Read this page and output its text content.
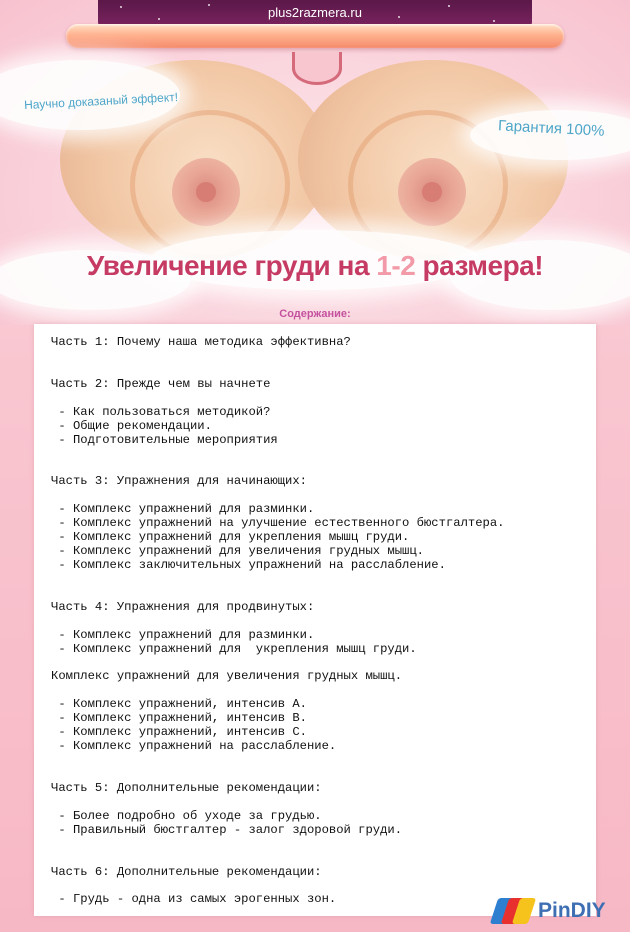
plus2razmera.ru
Научно доказаный эффект!
Гарантия 100%
Увеличение груди на 1-2 размера!
Содержание:
Часть 1: Почему наша методика эффективна?
Часть 2: Прежде чем вы начнете
- Как пользоваться методикой?
- Общие рекомендации.
- Подготовительные мероприятия
Часть 3: Упражнения для начинающих:
- Комплекс упражнений для разминки.
- Комплекс упражнений на улучшение естественного бюстгалтера.
- Комплекс упражнений для укрепления мышц груди.
- Комплекс упражнений для увеличения грудных мышц.
- Комплекс заключительных упражнений на расслабление.
Часть 4: Упражнения для продвинутых:
- Комплекс упражнений для разминки.
- Комплекс упражнений для  укрепления мышц груди.
Комплекс упражнений для увеличения грудных мышц.
- Комплекс упражнений, интенсив А.
- Комплекс упражнений, интенсив В.
- Комплекс упражнений, интенсив С.
- Комплекс упражнений на расслабление.
Часть 5: Дополнительные рекомендации:
- Более подробно об уходе за грудью.
- Правильный бюстгалтер - залог здоровой груди.
Часть 6: Дополнительные рекомендации:
- Грудь - одна из самых эрогенных зон.	PinDIY
